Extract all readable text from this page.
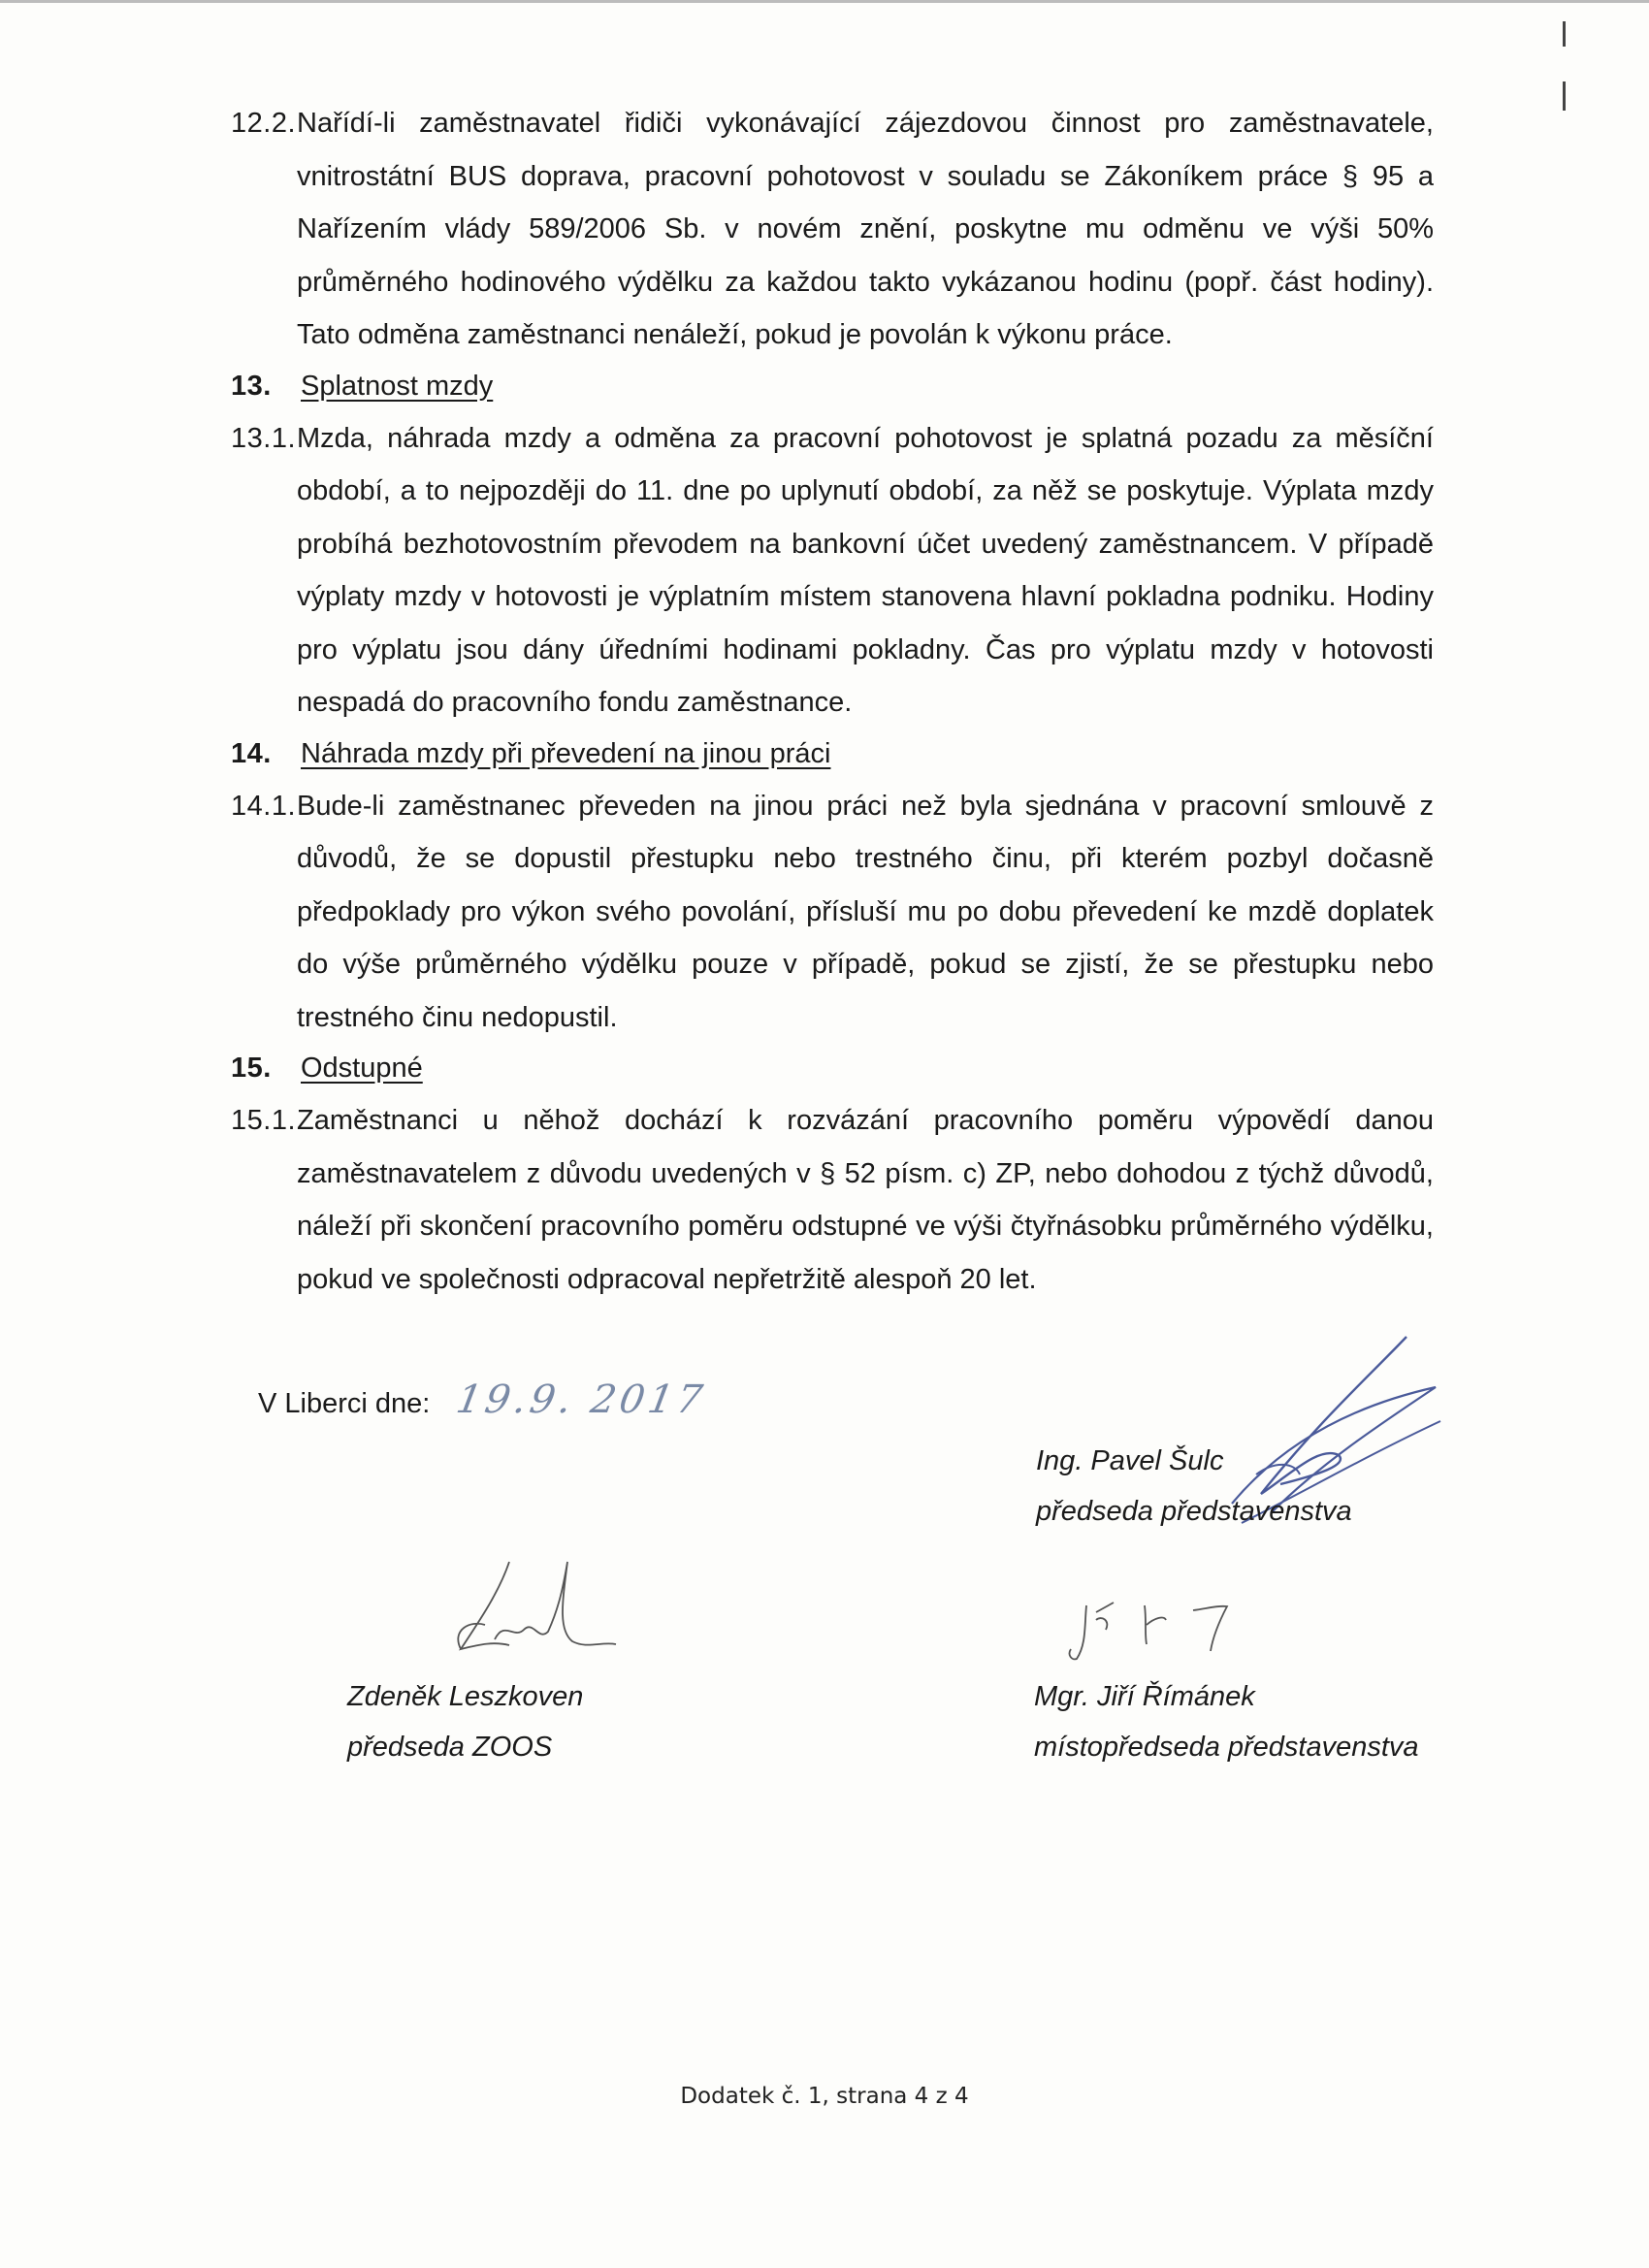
12.2. Nařídí-li zaměstnavatel řidiči vykonávající zájezdovou činnost pro zaměstnavatele, vnitrostátní BUS doprava, pracovní pohotovost v souladu se Zákoníkem práce § 95 a Nařízením vlády 589/2006 Sb. v novém znění, poskytne mu odměnu ve výši 50% průměrného hodinového výdělku za každou takto vykázanou hodinu (popř. část hodiny). Tato odměna zaměstnanci nenáleží, pokud je povolán k výkonu práce.
13.	Splatnost mzdy
13.1. Mzda, náhrada mzdy a odměna za pracovní pohotovost je splatná pozadu za měsíční období, a to nejpozději do 11. dne po uplynutí období, za něž se poskytuje. Výplata mzdy probíhá bezhotovostním převodem na bankovní účet uvedený zaměstnancem. V případě výplaty mzdy v hotovosti je výplatním místem stanovena hlavní pokladna podniku. Hodiny pro výplatu jsou dány úředními hodinami pokladny. Čas pro výplatu mzdy v hotovosti nespadá do pracovního fondu zaměstnance.
14.	Náhrada mzdy při převedení na jinou práci
14.1. Bude-li zaměstnanec převeden na jinou práci než byla sjednána v pracovní smlouvě z důvodů, že se dopustil přestupku nebo trestného činu, při kterém pozbyl dočasně předpoklady pro výkon svého povolání, přísluší mu po dobu převedení ke mzdě doplatek do výše průměrného výdělku pouze v případě, pokud se zjistí, že se přestupku nebo trestného činu nedopustil.
15.	Odstupné
15.1. Zaměstnanci u něhož dochází k rozvázání pracovního poměru výpovědí danou zaměstnavatelem z důvodu uvedených v § 52 písm. c) ZP, nebo dohodou z týchž důvodů, náleží při skončení pracovního poměru odstupné ve výši čtyřnásobku průměrného výdělku, pokud ve společnosti odpracoval nepřetržitě alespoň 20 let.
V Liberci dne: 19.9. 2017
Ing. Pavel Šulc
předseda představenstva
Zdeněk Leszkoven
předseda ZOOS
Mgr. Jiří Římánek
místopředseda představenstva
Dodatek č. 1, strana 4 z 4
